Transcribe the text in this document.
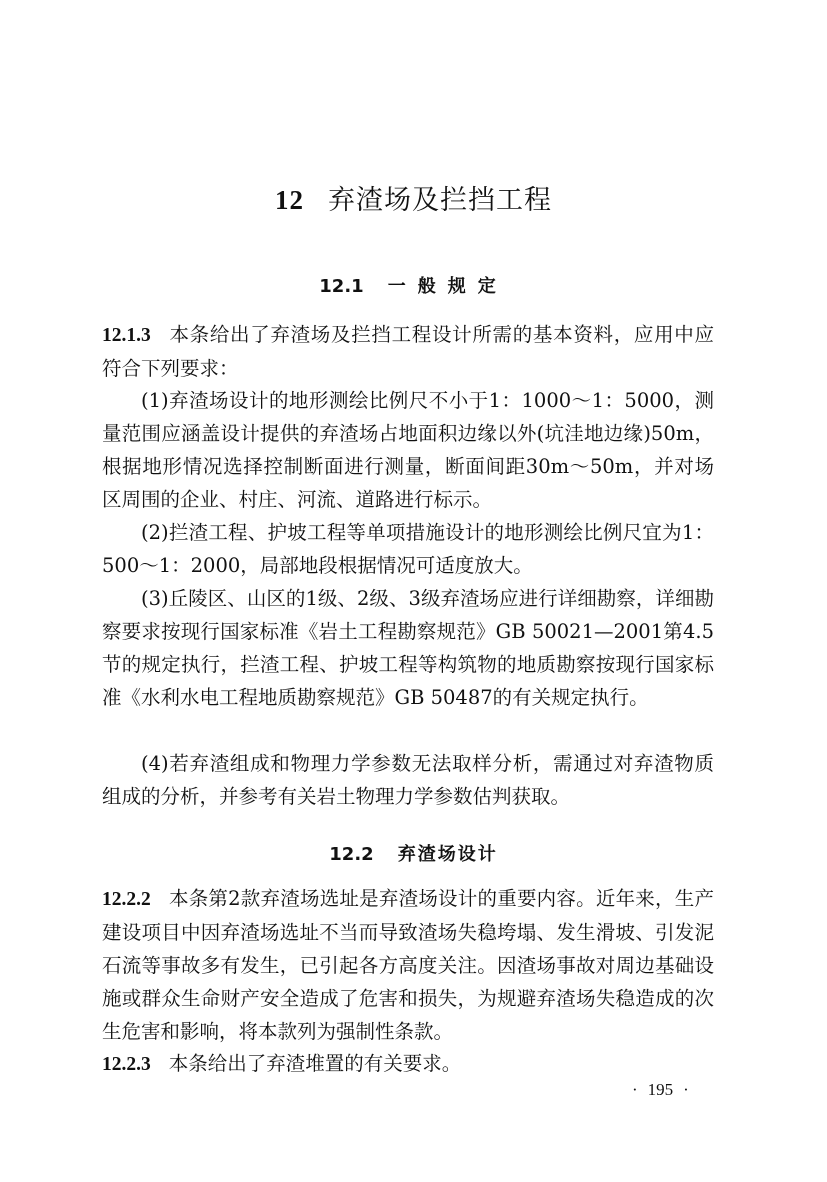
12 弃渣场及拦挡工程
12.1 一般规定
12.1.3 本条给出了弃渣场及拦挡工程设计所需的基本资料，应用中应符合下列要求：
(1)弃渣场设计的地形测绘比例尺不小于1：1000～1：5000，测量范围应涵盖设计提供的弃渣场占地面积边缘以外(坑洼地边缘)50m，根据地形情况选择控制断面进行测量，断面间距30m～50m，并对场区周围的企业、村庄、河流、道路进行标示。
(2)拦渣工程、护坡工程等单项措施设计的地形测绘比例尺宜为1：500～1：2000，局部地段根据情况可适度放大。
(3)丘陵区、山区的1级、2级、3级弃渣场应进行详细勘察，详细勘察要求按现行国家标准《岩土工程勘察规范》GB 50021—2001第4.5节的规定执行，拦渣工程、护坡工程等构筑物的地质勘察按现行国家标准《水利水电工程地质勘察规范》GB 50487的有关规定执行。
(4)若弃渣组成和物理力学参数无法取样分析，需通过对弃渣物质组成的分析，并参考有关岩土物理力学参数估判获取。
12.2 弃渣场设计
12.2.2 本条第2款弃渣场选址是弃渣场设计的重要内容。近年来，生产建设项目中因弃渣场选址不当而导致渣场失稳垮塌、发生滑坡、引发泥石流等事故多有发生，已引起各方高度关注。因渣场事故对周边基础设施或群众生命财产安全造成了危害和损失，为规避弃渣场失稳造成的次生危害和影响，将本款列为强制性条款。
12.2.3 本条给出了弃渣堆置的有关要求。
· 195 ·
